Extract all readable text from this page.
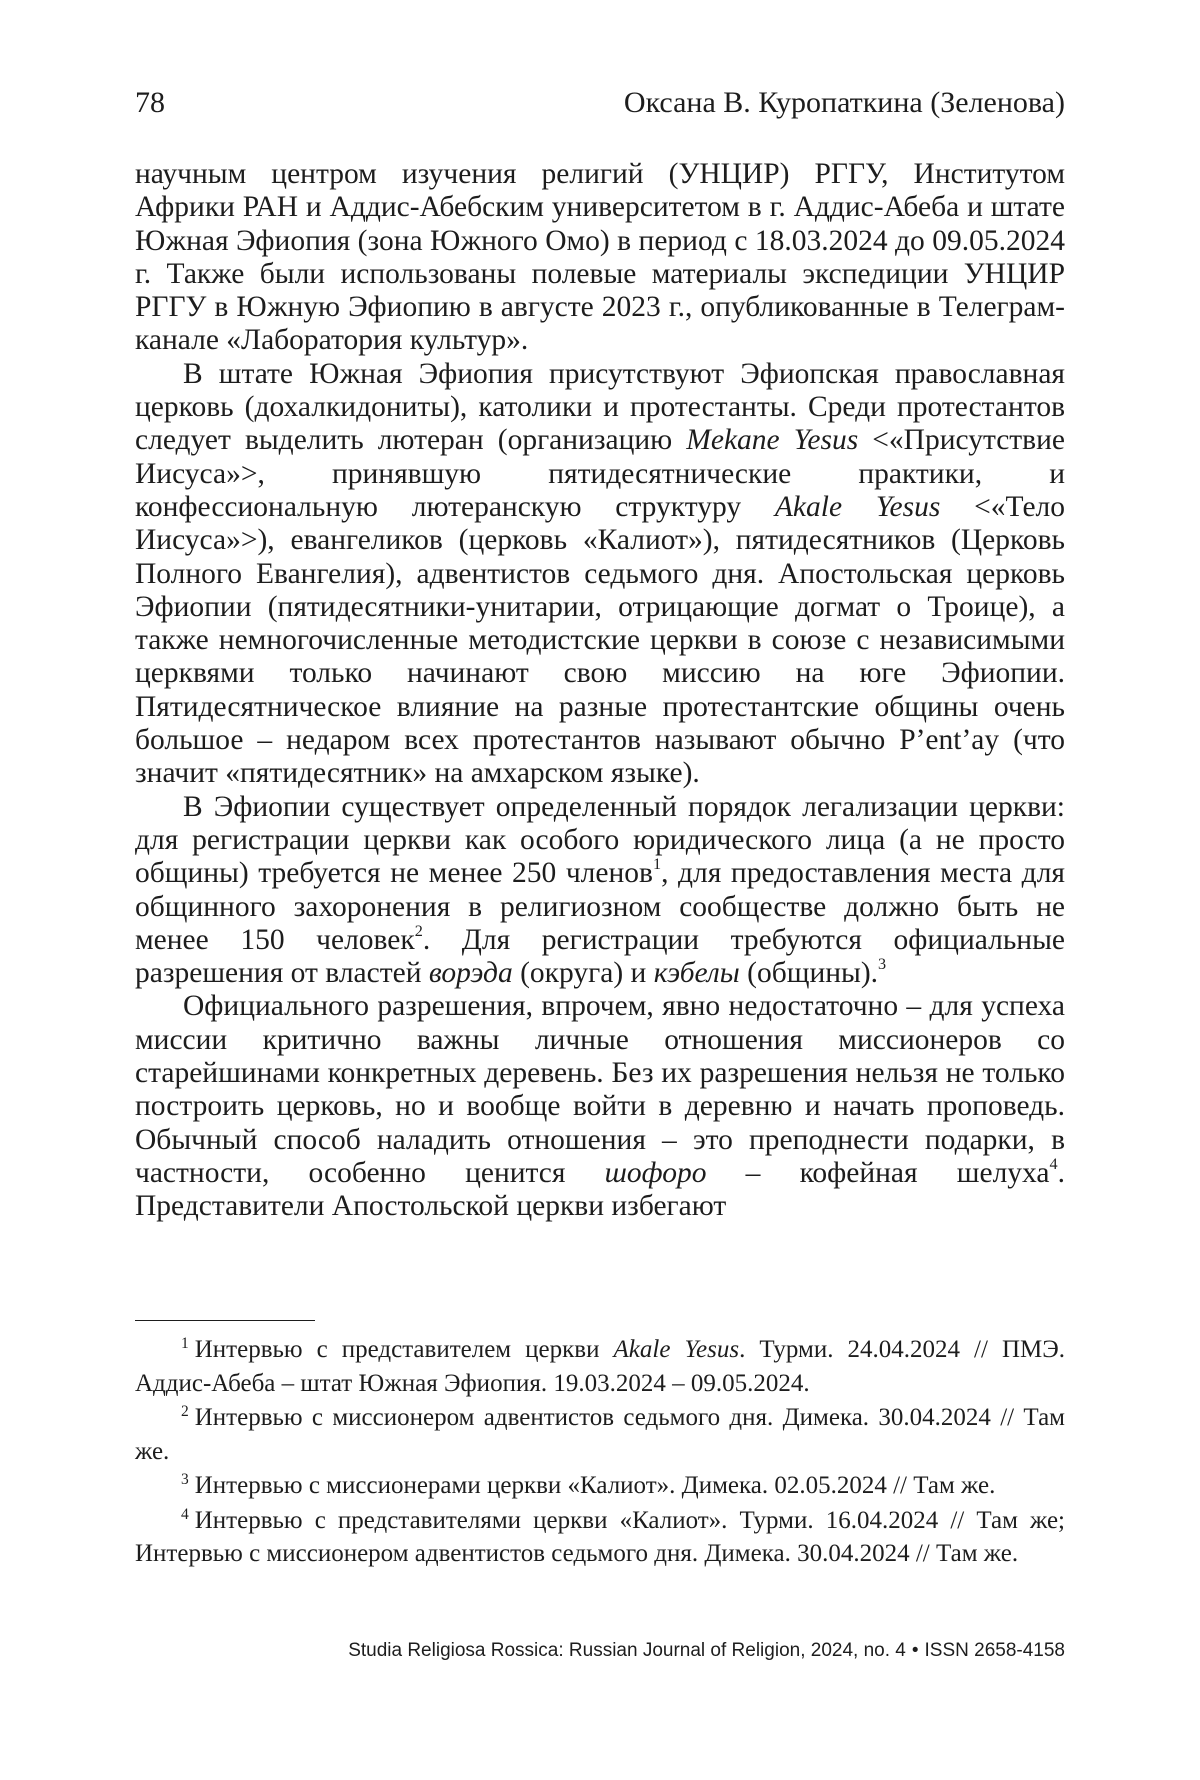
78	Оксана В. Куропаткина (Зеленова)

научным центром изучения религий (УНЦИР) РГГУ, Институтом Африки РАН и Аддис-Абебским университетом в г. Аддис-Абеба и штате Южная Эфиопия (зона Южного Омо) в период с 18.03.2024 до 09.05.2024 г. Также были использованы полевые материалы экспедиции УНЦИР РГГУ в Южную Эфиопию в августе 2023 г., опубликованные в Телеграм-канале «Лаборатория культур».

В штате Южная Эфиопия присутствуют Эфиопская православная церковь (дохалкидониты), католики и протестанты. Среди протестантов следует выделить лютеран (организацию Mekane Yesus <«Присутствие Иисуса»>, принявшую пятидесятнические практики, и конфессиональную лютеранскую структуру Akale Yesus <«Тело Иисуса»>), евангеликов (церковь «Калиот»), пятидесятников (Церковь Полного Евангелия), адвентистов седьмого дня. Апостольская церковь Эфиопии (пятидесятники-унитарии, отрицающие догмат о Троице), а также немногочисленные методистские церкви в союзе с независимыми церквями только начинают свою миссию на юге Эфиопии. Пятидесятническое влияние на разные протестантские общины очень большое – недаром всех протестантов называют обычно P’ent’ay (что значит «пятидесятник» на амхарском языке).

В Эфиопии существует определенный порядок легализации церкви: для регистрации церкви как особого юридического лица (а не просто общины) требуется не менее 250 членов$^1$, для предоставления места для общинного захоронения в религиозном сообществе должно быть не менее 150 человек$^2$. Для регистрации требуются официальные разрешения от властей ворэда (округа) и кэбелы (общины).$^3$

Официального разрешения, впрочем, явно недостаточно – для успеха миссии критично важны личные отношения миссионеров со старейшинами конкретных деревень. Без их разрешения нельзя не только построить церковь, но и вообще войти в деревню и начать проповедь. Обычный способ наладить отношения – это преподнести подарки, в частности, особенно ценится шофоро – кофейная шелуха$^4$. Представители Апостольской церкви избегают

$^1$ Интервью с представителем церкви Akale Yesus. Турми. 24.04.2024 // ПМЭ. Аддис-Абеба – штат Южная Эфиопия. 19.03.2024 – 09.05.2024.

$^2$ Интервью с миссионером адвентистов седьмого дня. Димека. 30.04.2024 // Там же.

$^3$ Интервью с миссионерами церкви «Калиот». Димека. 02.05.2024 // Там же.

$^4$ Интервью с представителями церкви «Калиот». Турми. 16.04.2024 // Там же; Интервью с миссионером адвентистов седьмого дня. Димека. 30.04.2024 // Там же.

Studia Religiosa Rossica: Russian Journal of Religion, 2024, no. 4 • ISSN 2658-4158
